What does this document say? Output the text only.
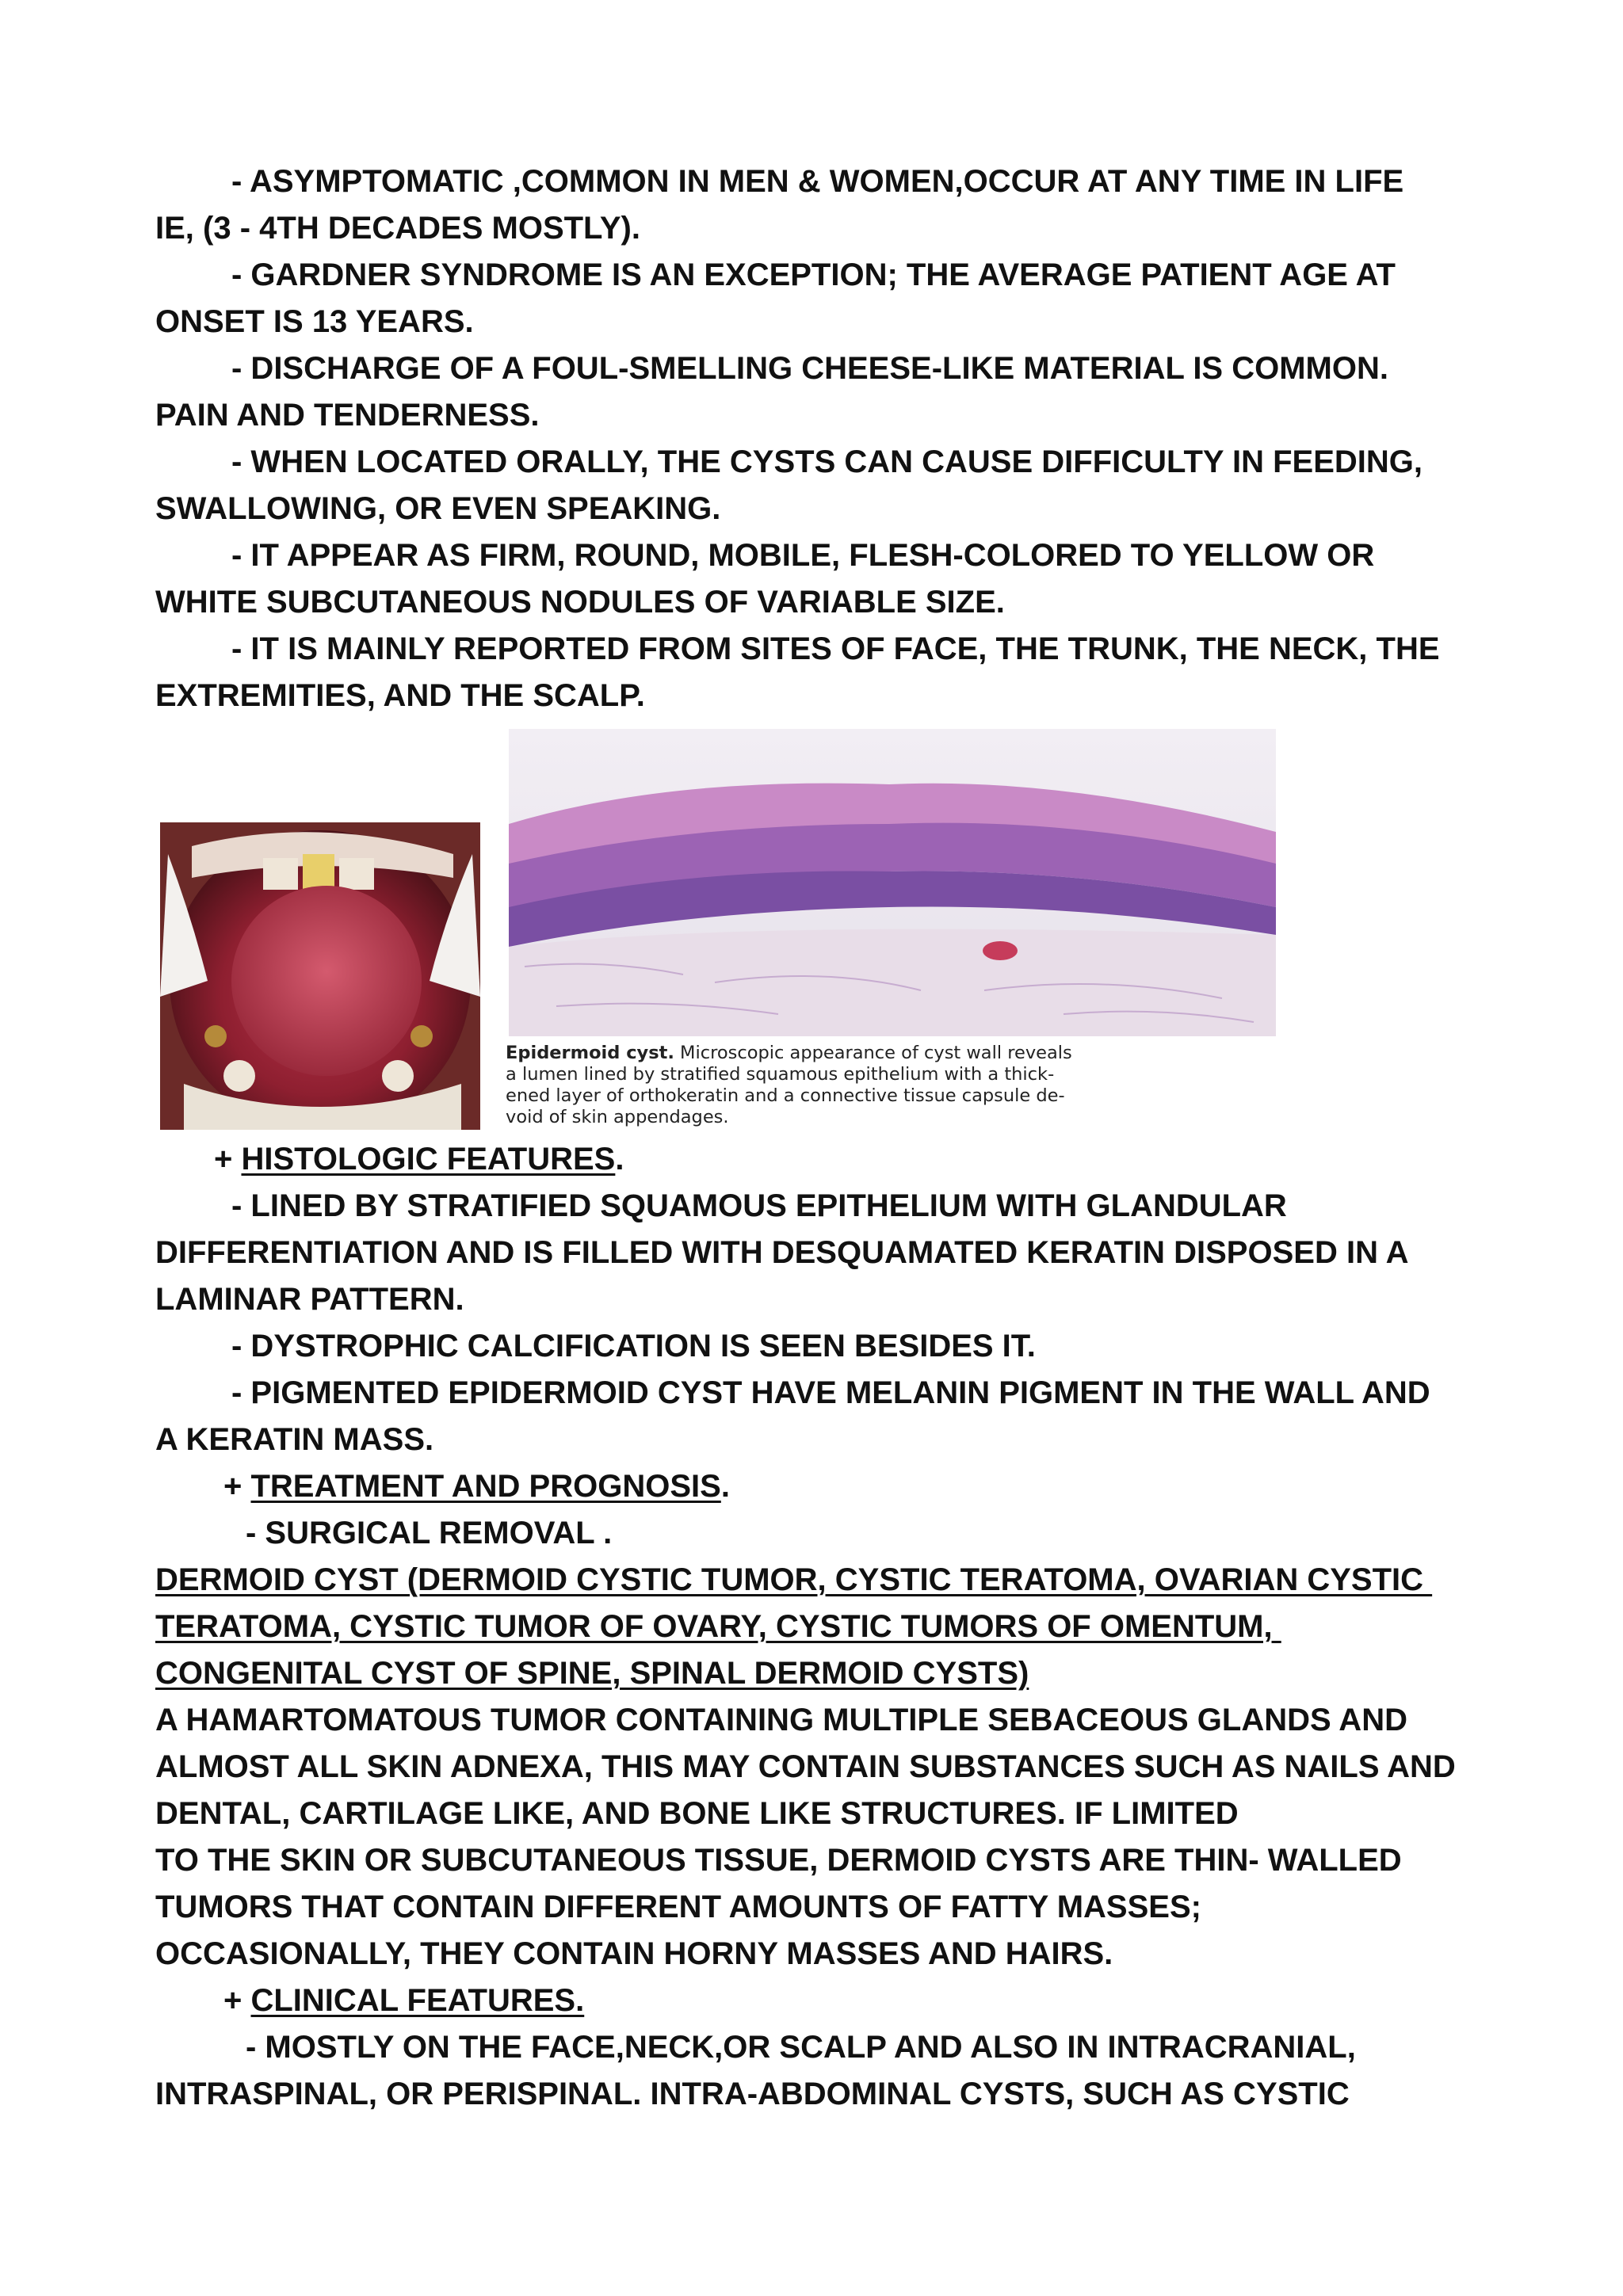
- ASYMPTOMATIC ,COMMON IN MEN & WOMEN,OCCUR AT ANY TIME IN LIFE
IE, (3 - 4TH DECADES MOSTLY).
- GARDNER SYNDROME IS AN EXCEPTION; THE AVERAGE PATIENT AGE AT
ONSET IS 13 YEARS.
- DISCHARGE OF A FOUL-SMELLING CHEESE-LIKE MATERIAL IS COMMON.
PAIN AND TENDERNESS.
- WHEN LOCATED ORALLY, THE CYSTS CAN CAUSE DIFFICULTY IN FEEDING,
SWALLOWING, OR EVEN SPEAKING.
- IT APPEAR AS FIRM, ROUND, MOBILE, FLESH-COLORED TO YELLOW OR
WHITE SUBCUTANEOUS NODULES OF VARIABLE SIZE.
- IT IS MAINLY REPORTED FROM SITES OF FACE, THE TRUNK, THE NECK, THE
EXTREMITIES, AND THE SCALP.
Epidermoid cyst. Microscopic appearance of cyst wall reveals
a lumen lined by stratified squamous epithelium with a thick-
ened layer of orthokeratin and a connective tissue capsule de-
void of skin appendages.
+ HISTOLOGIC FEATURES.
- LINED BY STRATIFIED SQUAMOUS EPITHELIUM WITH GLANDULAR
DIFFERENTIATION AND IS FILLED WITH DESQUAMATED KERATIN DISPOSED IN A
LAMINAR PATTERN.
- DYSTROPHIC CALCIFICATION IS SEEN BESIDES IT.
- PIGMENTED EPIDERMOID CYST HAVE MELANIN PIGMENT IN THE WALL AND
A KERATIN MASS.
+ TREATMENT AND PROGNOSIS.
- SURGICAL REMOVAL .
DERMOID CYST (DERMOID CYSTIC TUMOR, CYSTIC TERATOMA, OVARIAN CYSTIC
TERATOMA, CYSTIC TUMOR OF OVARY, CYSTIC TUMORS OF OMENTUM,
CONGENITAL CYST OF SPINE, SPINAL DERMOID CYSTS)
A HAMARTOMATOUS TUMOR CONTAINING MULTIPLE SEBACEOUS GLANDS AND
ALMOST ALL SKIN ADNEXA, THIS MAY CONTAIN SUBSTANCES SUCH AS NAILS AND
DENTAL, CARTILAGE LIKE, AND BONE LIKE STRUCTURES. IF LIMITED
TO THE SKIN OR SUBCUTANEOUS TISSUE, DERMOID CYSTS ARE THIN- WALLED
TUMORS THAT CONTAIN DIFFERENT AMOUNTS OF FATTY MASSES;
OCCASIONALLY, THEY CONTAIN HORNY MASSES AND HAIRS.
+ CLINICAL FEATURES.
- MOSTLY ON THE FACE,NECK,OR SCALP AND ALSO IN INTRACRANIAL,
INTRASPINAL, OR PERISPINAL. INTRA-ABDOMINAL CYSTS, SUCH AS CYSTIC
